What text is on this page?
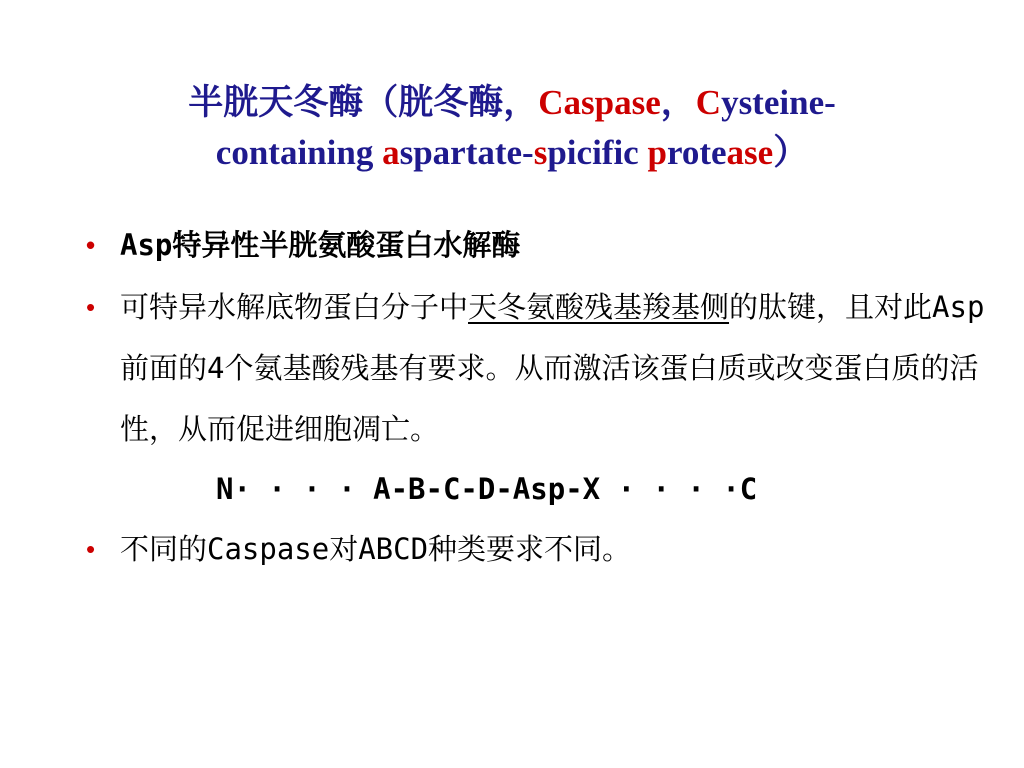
半胱天冬酶（胱冬酶，Caspase，Cysteine-
containing aspartate-spicific protease）
• Asp特异性半胱氨酸蛋白水解酶
• 可特异水解底物蛋白分子中天冬氨酸残基羧基侧的肽键，且对此Asp前面的4个氨基酸残基有要求。从而激活该蛋白质或改变蛋白质的活性，从而促进细胞凋亡。
N· · · · A-B-C-D-Asp-X · · · ·C
• 不同的Caspase对ABCD种类要求不同。
